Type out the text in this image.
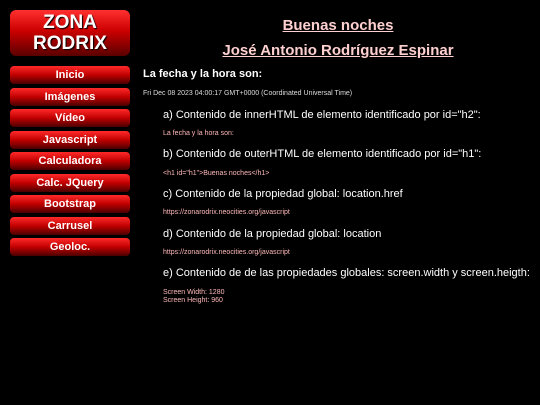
ZONA
RODRIX
Inicio
Imágenes
Vídeo
Javascript
Calculadora
Calc. JQuery
Bootstrap
Carrusel
Geoloc.
Buenas noches
José Antonio Rodríguez Espinar
La fecha y la hora son:
Fri Dec 08 2023 04:00:17 GMT+0000 (Coordinated Universal Time)
a) Contenido de innerHTML de elemento identificado por id="h2":
La fecha y la hora son:
b) Contenido de outerHTML de elemento identificado por id="h1":
<h1 id="h1">Buenas noches</h1>
c) Contenido de la propiedad global: location.href
https://zonarodrix.neocities.org/javascript
d) Contenido de la propiedad global: location
https://zonarodrix.neocities.org/javascript
e) Contenido de de las propiedades globales: screen.width y screen.heigth:
Screen Width: 1280
Screen Height: 960
